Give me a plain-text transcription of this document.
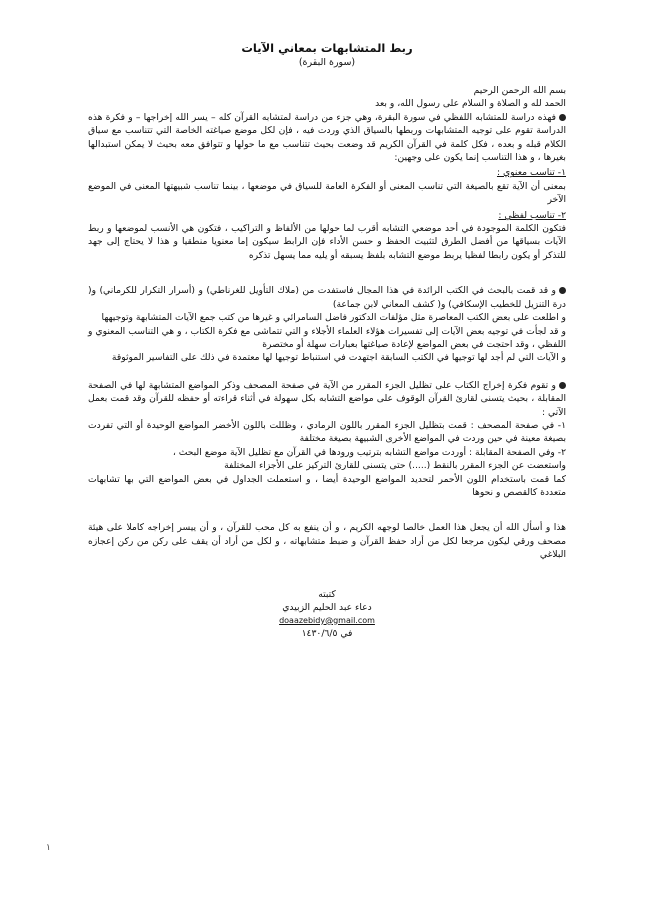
ربط المتشابهات بمعاني الآيات

(سورة البقرة)

بسم الله الرحمن الرحيم

الحمد لله و الصلاة و السلام على رسول الله، و بعد

فهذه دراسة للمتشابه اللفظي في سورة البقرة، وهي جزء من دراسة لمتشابه القرآن كله – يسر الله إخراجها – و فكرة هذه الدراسة تقوم على توجيه المتشابهات وربطها بالسياق الذي وردت فيه ، فإن لكل موضع صياغته الخاصة التي تتناسب مع سياق الكلام قبله و بعده ، فكل كلمة في القرآن الكريم قد وضعت بحيث تتناسب مع ما حولها و تتوافق معه بحيث لا يمكن استبدالها بغيرها ، و هذا التناسب إنما يكون على وجهين:

١- تناسب معنوي :

بمعنى أن الآية تقع بالصيغة التي تناسب المعنى أو الفكرة العامة للسياق في موضعها ، بينما تناسب شبيهتها المعنى في الموضع الآخر

٢- تناسب لفظي :

فتكون الكلمة الموجودة في أحد موضعي التشابه أقرب لما حولها من الألفاظ و التراكيب ، فتكون هي الأنسب لموضعها و ربط الآيات بسياقها من أفضل الطرق لتثبيت الحفظ و حسن الأداء فإن الرابط سيكون إما معنويا منطقيا و هذا لا يحتاج إلى جهد للتذكر أو يكون رابطا لفظيا يربط موضع التشابه بلفظ يسبقه أو يليه مما يسهل تذكره

و قد قمت بالبحث في الكتب الرائدة في هذا المجال فاستفدت من (ملاك التأويل للغرناطي) و (أسرار التكرار للكرماني) و( درة التنزيل للخطيب الإسكافي) و( كشف المعاني لابن جماعة)

و اطلعت على بعض الكتب المعاصرة مثل مؤلفات الدكتور فاضل السامرائي و غيرها من كتب جمع الآيات المتشابهة وتوجيهها

و قد لجأت في توجيه بعض الآيات إلى تفسيرات هؤلاء العلماء الأجلاء و التي تتماشى مع فكرة الكتاب ، و هي التناسب المعنوي و اللفظي ، وقد احتجت في بعض المواضع لإعادة صياغتها بعبارات سهلة أو مختصرة

و الآيات التي لم أجد لها توجيها في الكتب السابقة اجتهدت في استنباط توجيها لها معتمدة في ذلك على التفاسير الموثوقة

و تقوم فكرة إخراج الكتاب على تظليل الجزء المقرر من الآية في صفحة المصحف وذكر المواضع المتشابهة لها في الصفحة المقابلة ، بحيث يتسنى لقارئ القرآن الوقوف على مواضع التشابه بكل سهولة في أثناء قراءته أو حفظه للقرآن وقد قمت بعمل الآتي :

١- في صفحة المصحف : قمت بتظليل الجزء المقرر باللون الرمادي ، وظللت باللون الأخضر المواضع الوحيدة أو التي تفردت بصيغة معينة في حين وردت في المواضع الأخرى الشبيهة بصيغة مختلفة

٢- وفي الصفحة المقابلة : أوردت مواضع التشابه بترتيب ورودها في القرآن مع تظليل الآية موضع البحث ،

واستعضت عن الجزء المقرر بالنقط (.....) حتى يتسنى للقارئ التركيز على الأجزاء المختلفة

كما قمت باستخدام اللون الأحمر لتحديد المواضع الوحيدة أيضا ، و استعملت الجداول في بعض المواضع التي بها تشابهات متعددة كالقصص و نحوها

هذا و أسأل الله أن يجعل هذا العمل خالصا لوجهه الكريم ، و أن ينفع به كل محب للقرآن ، و أن ييسر إخراجه كاملا على هيئة مصحف ورقي ليكون مرجعا لكل من أراد حفظ القرآن و ضبط متشابهاته ، و لكل من أراد أن يقف على ركن من ركن إعجازه البلاغي

كتبته

دعاء عبد الحليم الزبيدي

doaazebidy@gmail.com

في ١٤٣٠/٦/٥

١
